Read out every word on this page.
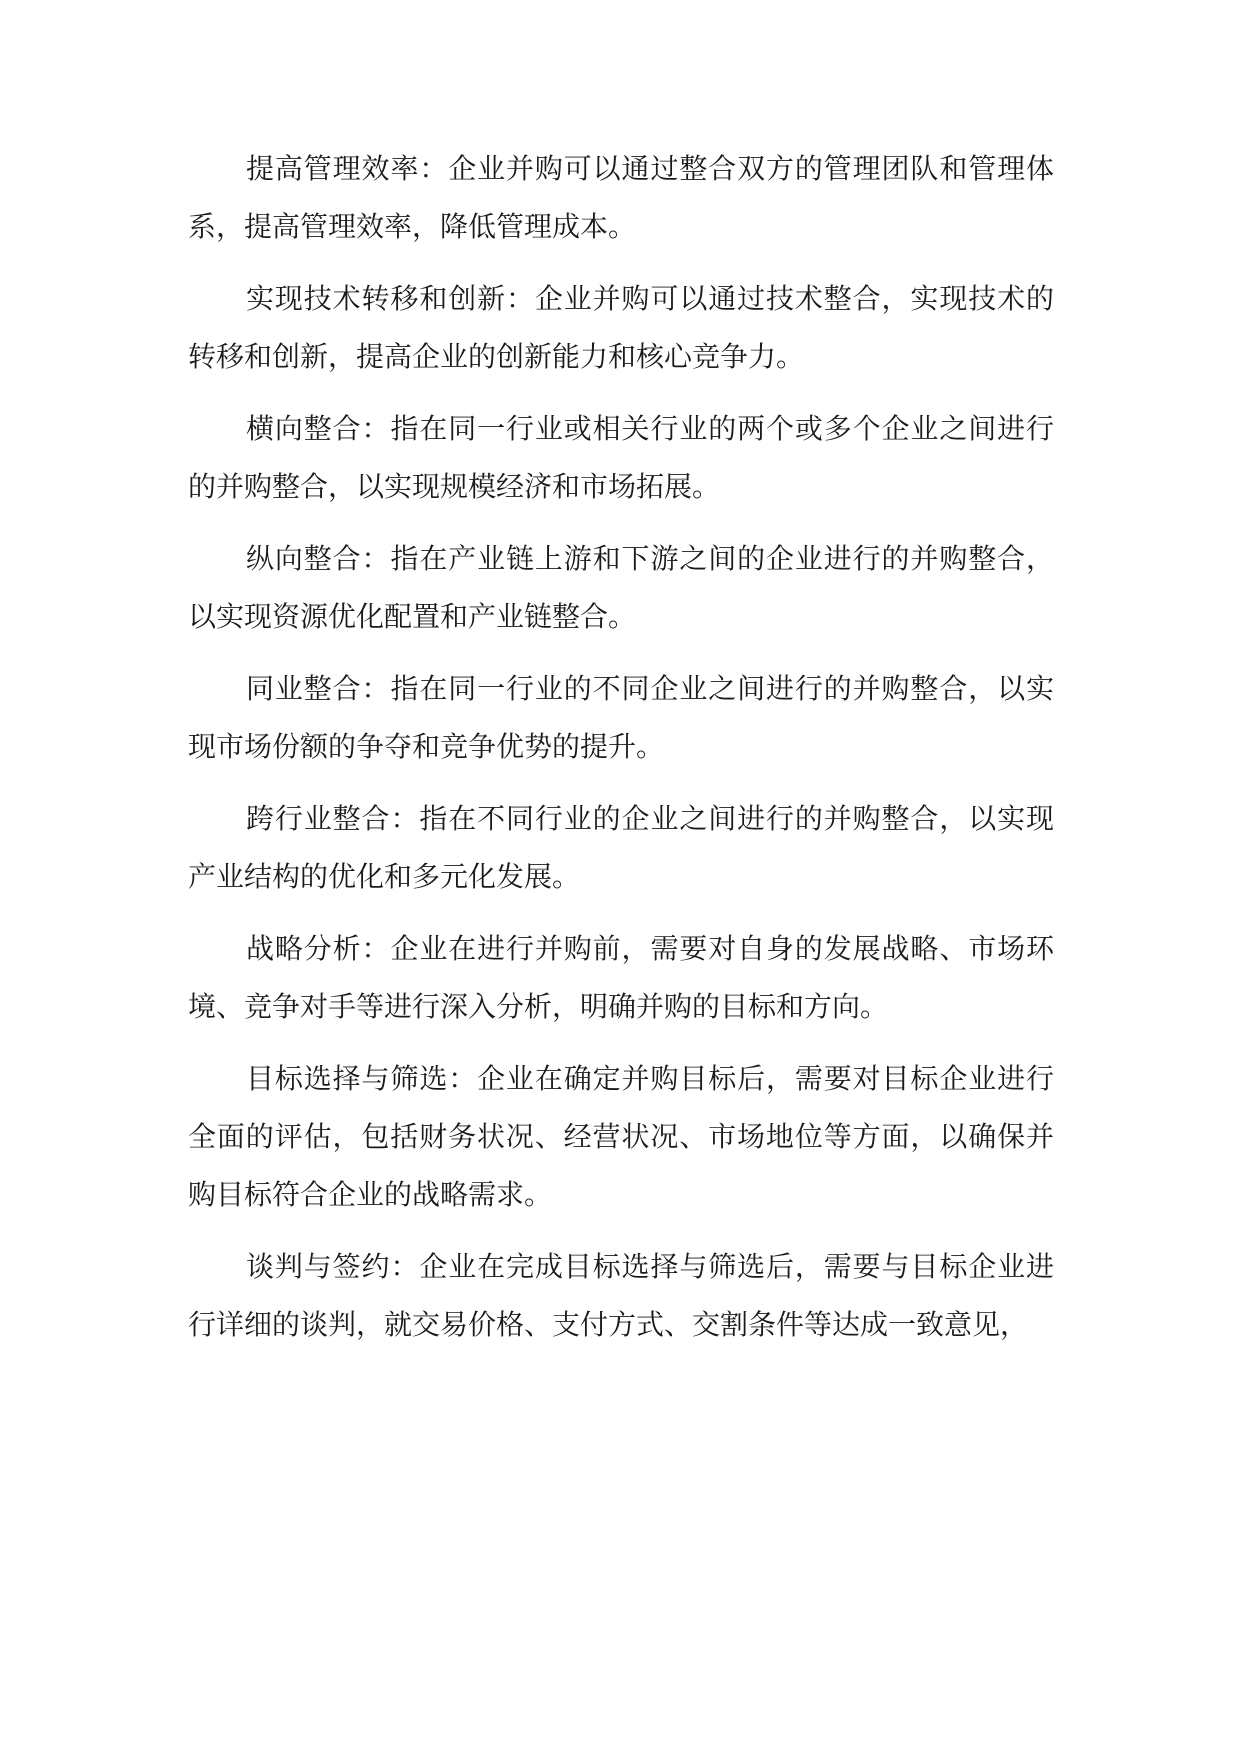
提高管理效率：企业并购可以通过整合双方的管理团队和管理体系，提高管理效率，降低管理成本。

实现技术转移和创新：企业并购可以通过技术整合，实现技术的转移和创新，提高企业的创新能力和核心竞争力。

横向整合：指在同一行业或相关行业的两个或多个企业之间进行的并购整合，以实现规模经济和市场拓展。

纵向整合：指在产业链上游和下游之间的企业进行的并购整合，以实现资源优化配置和产业链整合。

同业整合：指在同一行业的不同企业之间进行的并购整合，以实现市场份额的争夺和竞争优势的提升。

跨行业整合：指在不同行业的企业之间进行的并购整合，以实现产业结构的优化和多元化发展。

战略分析：企业在进行并购前，需要对自身的发展战略、市场环境、竞争对手等进行深入分析，明确并购的目标和方向。

目标选择与筛选：企业在确定并购目标后，需要对目标企业进行全面的评估，包括财务状况、经营状况、市场地位等方面，以确保并购目标符合企业的战略需求。

谈判与签约：企业在完成目标选择与筛选后，需要与目标企业进行详细的谈判，就交易价格、支付方式、交割条件等达成一致意见，
